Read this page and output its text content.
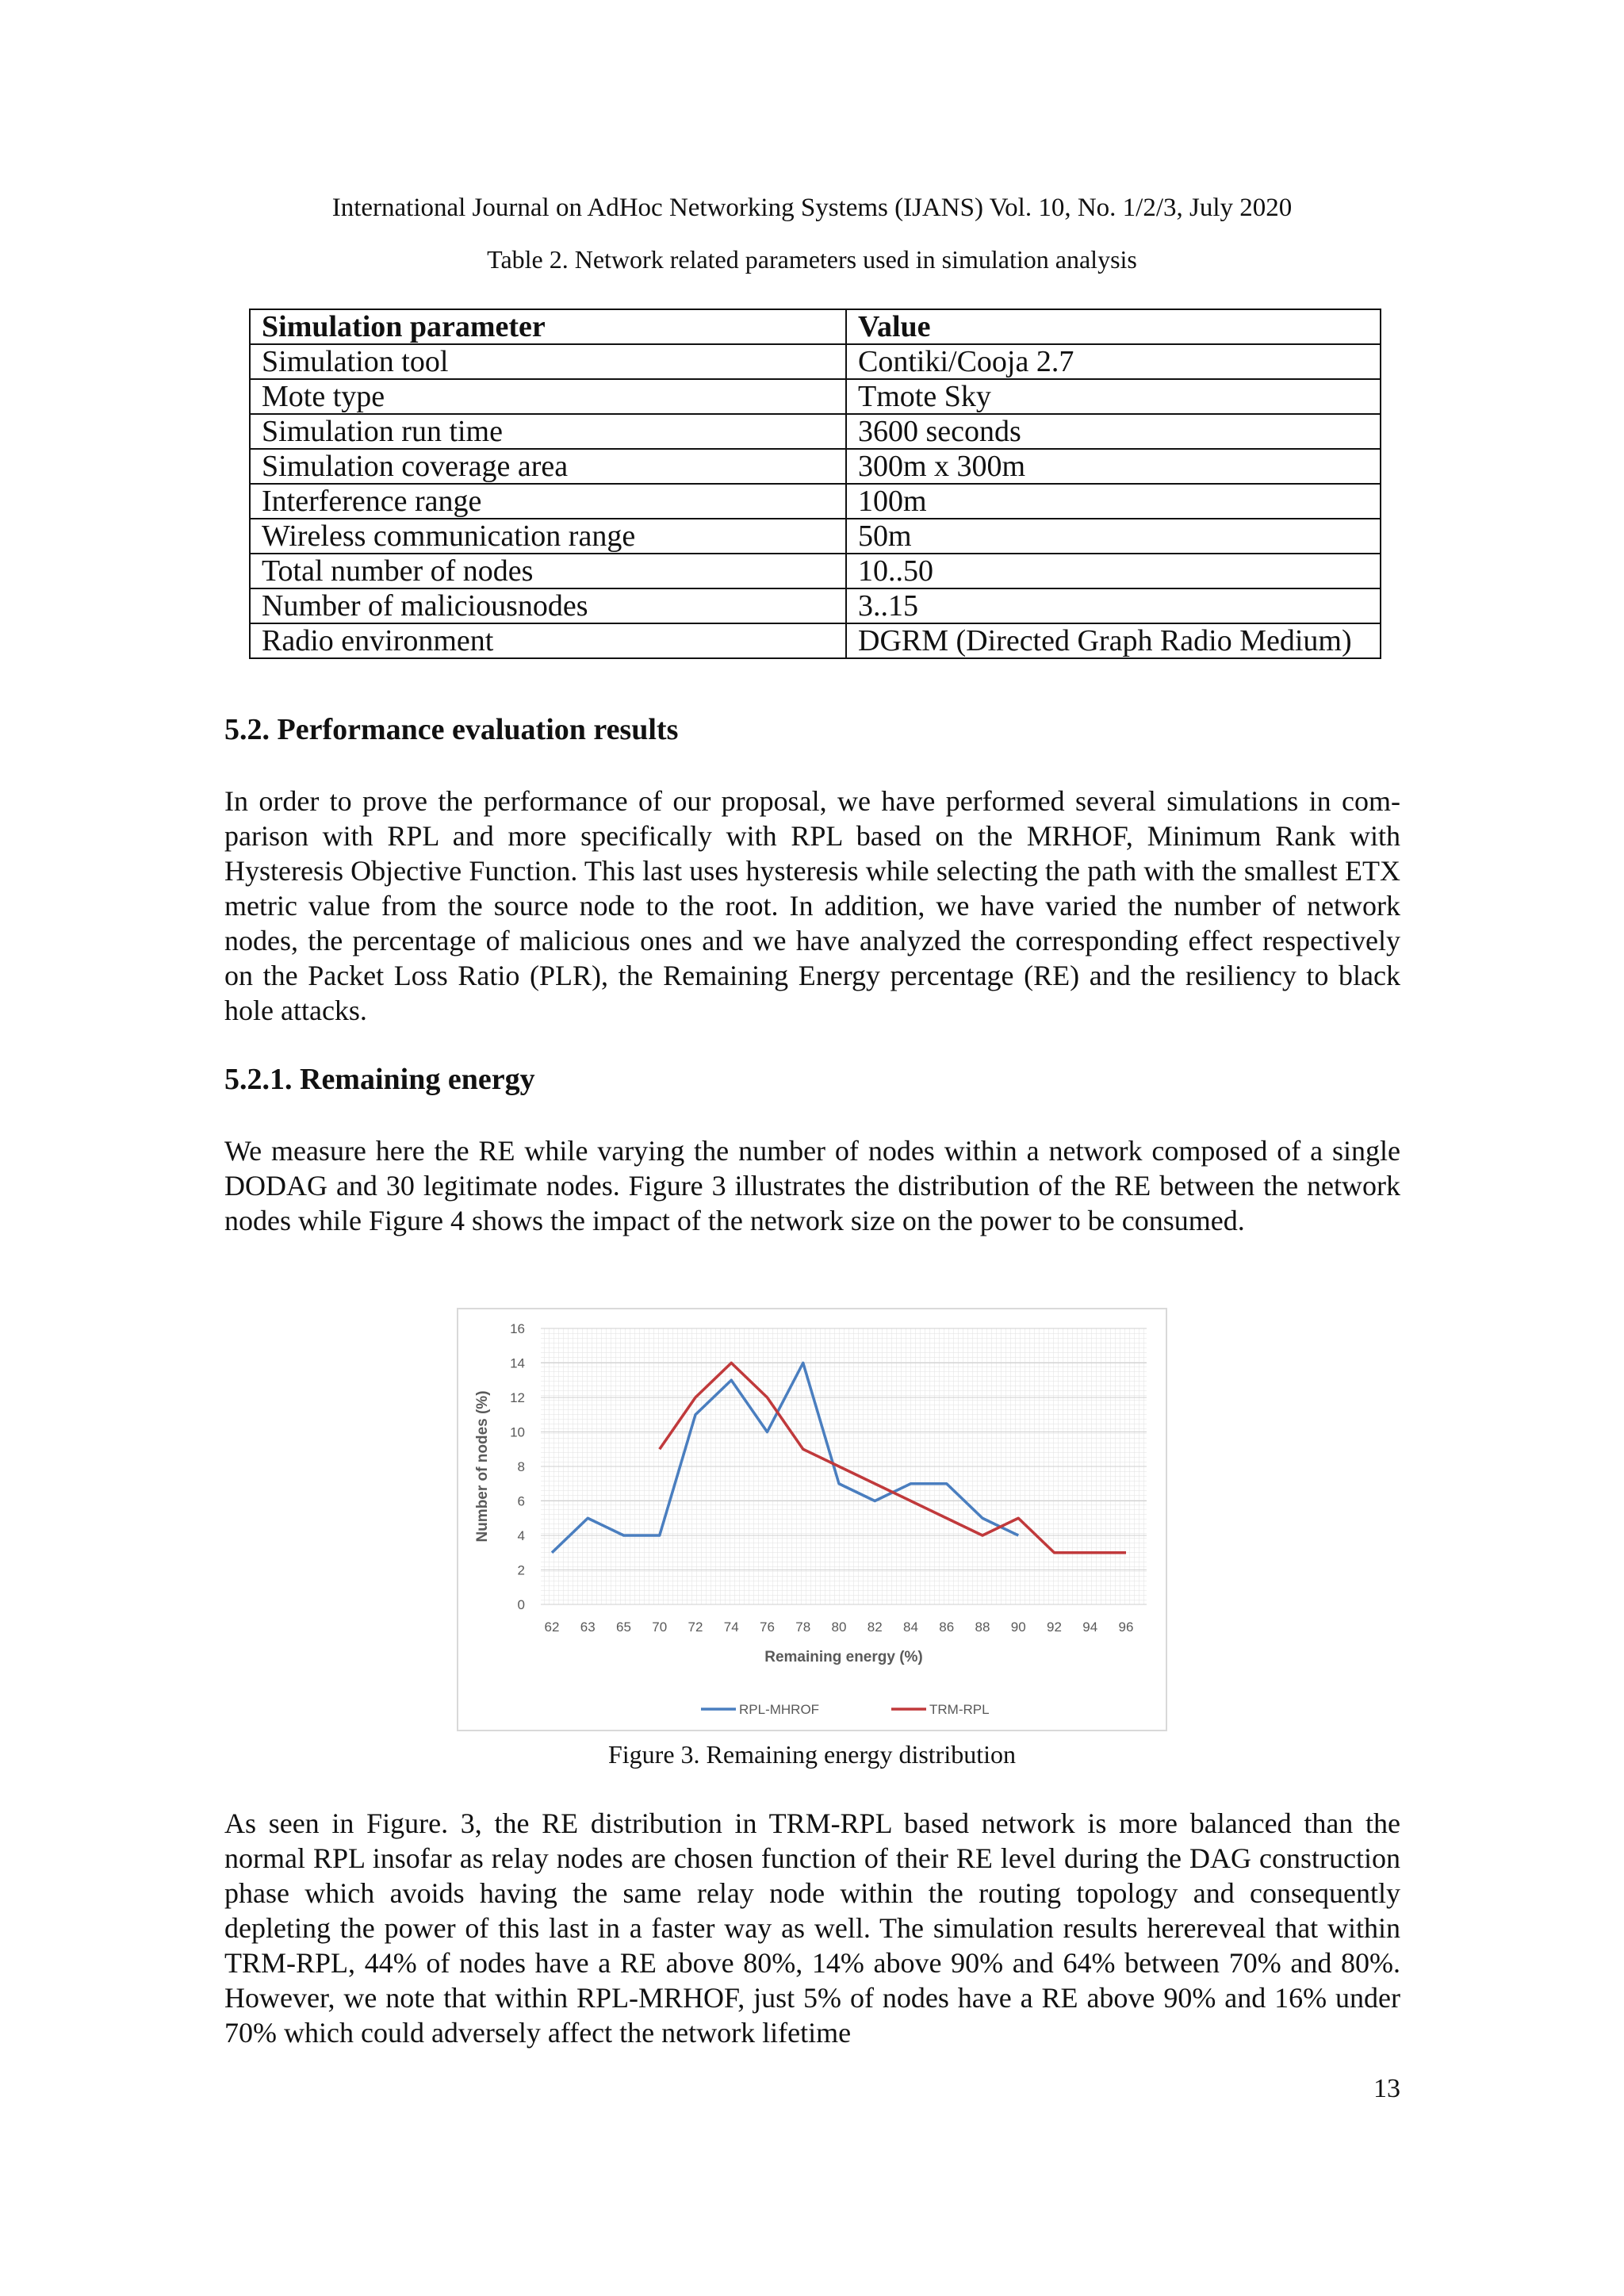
International Journal on AdHoc Networking Systems (IJANS) Vol. 10, No. 1/2/3, July 2020
Table 2. Network related parameters used in simulation analysis
Simulation parameter	Value
Simulation tool	Contiki/Cooja 2.7
Mote type	Tmote Sky
Simulation run time	3600 seconds
Simulation coverage area	300m x 300m
Interference range	100m
Wireless communication range	50m
Total number of nodes	10..50
Number of maliciousnodes	3..15
Radio environment	DGRM (Directed Graph Radio Medium)
5.2. Performance evaluation results

In order to prove the performance of our proposal, we have performed several simulations in com-parison with RPL and more specifically with RPL based on the MRHOF, Minimum Rank with Hysteresis Objective Function. This last uses hysteresis while selecting the path with the smallest ETX metric value from the source node to the root. In addition, we have varied the number of network nodes, the percentage of malicious ones and we have analyzed the corresponding effect respectively on the Packet Loss Ratio (PLR), the Remaining Energy percentage (RE) and the resiliency to black hole attacks.

5.2.1. Remaining energy

We measure here the RE while varying the number of nodes within a network composed of a single DODAG and 30 legitimate nodes. Figure 3 illustrates the distribution of the RE between the network nodes while Figure 4 shows the impact of the network size on the power to be consumed.

0
2
4
6
8
10
12
14
16
62 63 65 70 72 74 76 78 80 82 84 86 88 90 92 94 96
Number of nodes (%)
Remaining energy (%)
RPL-MHROF	TRM-RPL
Figure 3. Remaining energy distribution

As seen in Figure. 3, the RE distribution in TRM-RPL based network is more balanced than the normal RPL insofar as relay nodes are chosen function of their RE level during the DAG construction phase which avoids having the same relay node within the routing topology and consequently depleting the power of this last in a faster way as well. The simulation results herereveal that within TRM-RPL, 44% of nodes have a RE above 80%, 14% above 90% and 64% between 70% and 80%. However, we note that within RPL-MRHOF, just 5% of nodes have a RE above 90% and 16% under 70% which could adversely affect the network lifetime

13
